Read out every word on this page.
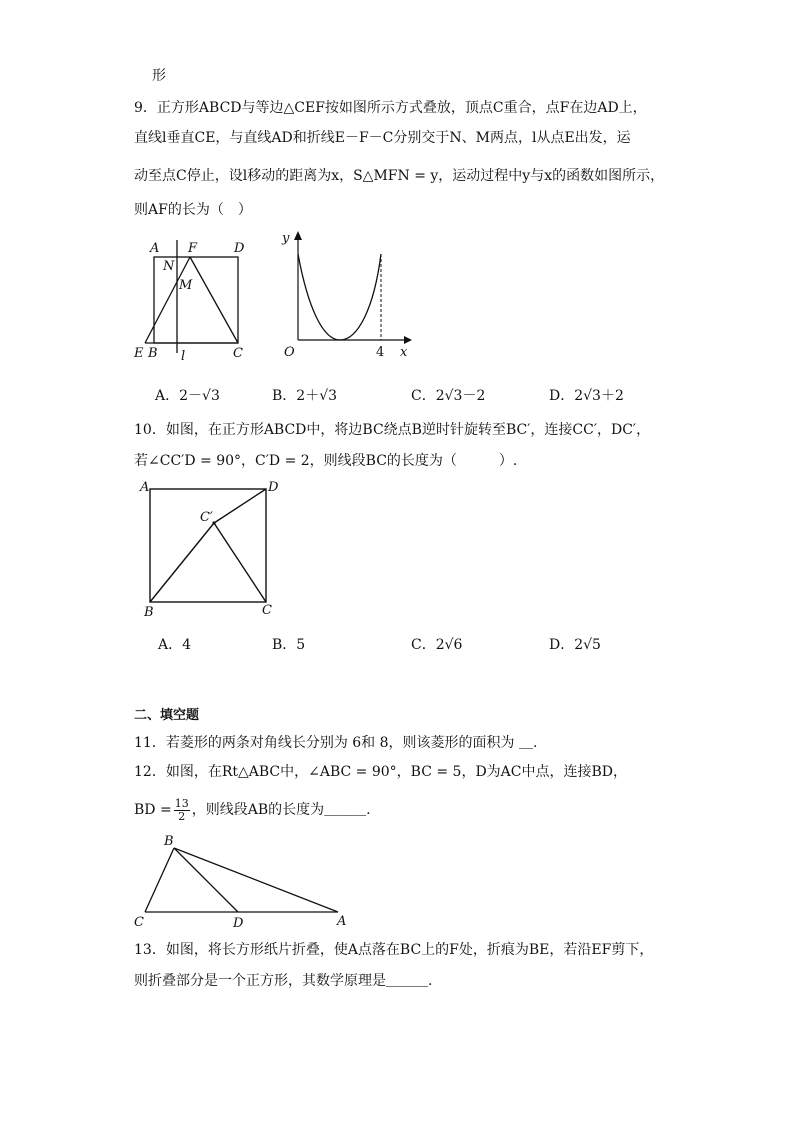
形
9．正方形ABCD与等边△CEF按如图所示方式叠放，顶点C重合，点F在边AD上，
直线l垂直CE，与直线AD和折线E－F－C分别交于N、M两点，l从点E出发，运
动至点C停止，设l移动的距离为x，S△MFN = y，运动过程中y与x的函数如图所示，
则AF的长为（　）
A F	D
N
M
E B	C
l
y
x
O	4
A．2－√3	B．2＋√3	C．2√3－2	D．2√3＋2
10．如图，在正方形ABCD中，将边BC绕点B逆时针旋转至BC′，连接CC′，DC′，
若∠CC′D = 90°，C′D = 2，则线段BC的长度为（　　　）.
A	D
C′
B	C
A．4	B．5	C．2√6	D．2√5
二、填空题
11．若菱形的两条对角线长分别为 6和 8，则该菱形的面积为 ＿.
12．如图，在Rt△ABC中，∠ABC = 90°，BC = 5，D为AC中点，连接BD，
BD = $\frac{13}{2}$ ，则线段AB的长度为＿＿＿.
B
C	D	A
13．如图，将长方形纸片折叠，使A点落在BC上的F处，折痕为BE，若沿EF剪下，
则折叠部分是一个正方形，其数学原理是＿＿＿.
